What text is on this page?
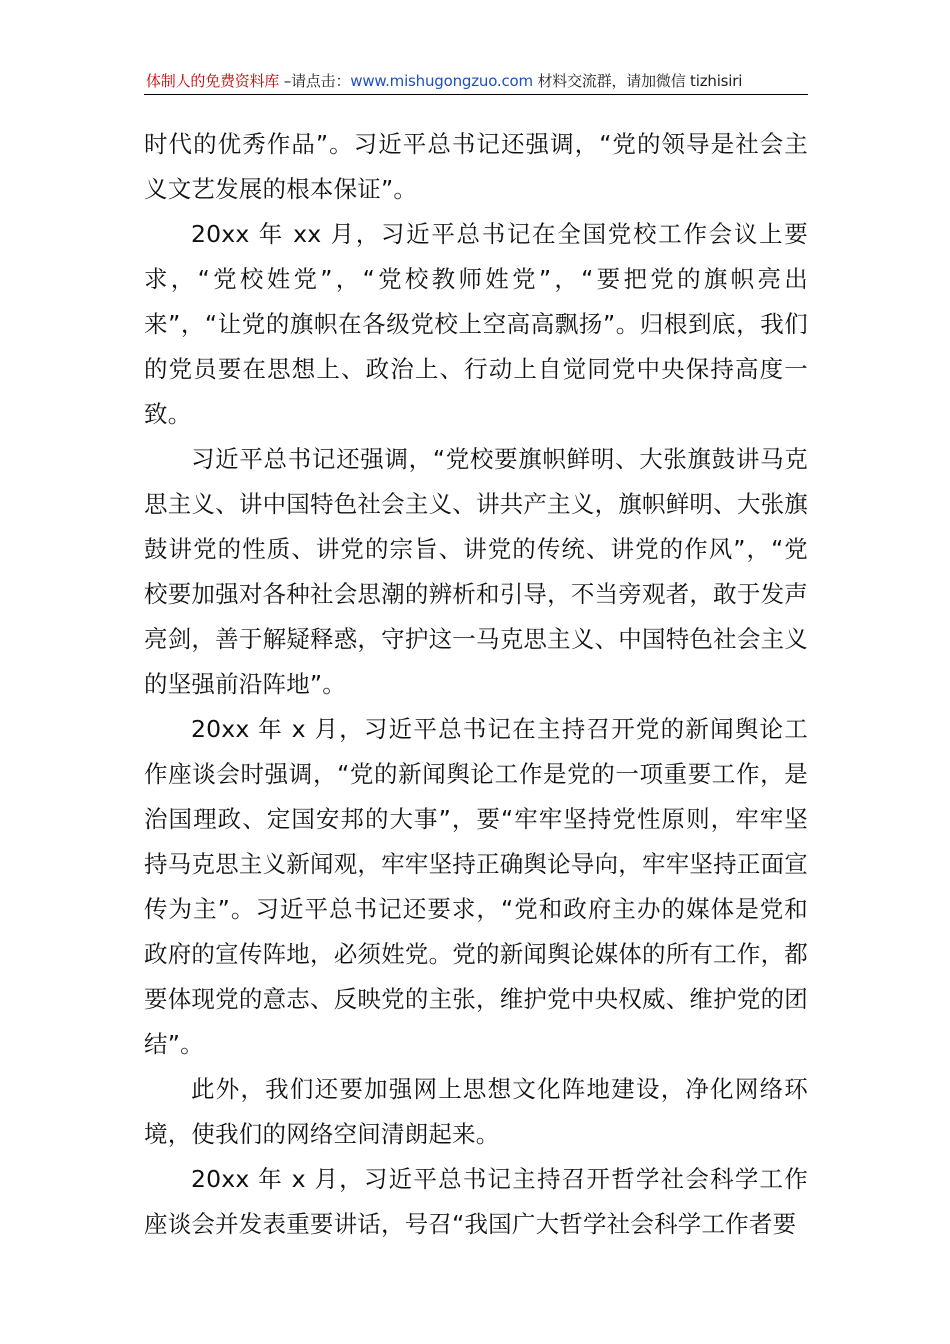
体制人的免费资料库 –请点击：www.mishugongzuo.com 材料交流群，请加微信 tizhisiri

时代的优秀作品”。习近平总书记还强调，“党的领导是社会主义文艺发展的根本保证”。

20xx 年 xx 月，习近平总书记在全国党校工作会议上要求，“党校姓党”，“党校教师姓党”，“要把党的旗帜亮出来”，“让党的旗帜在各级党校上空高高飘扬”。归根到底，我们的党员要在思想上、政治上、行动上自觉同党中央保持高度一致。

习近平总书记还强调，“党校要旗帜鲜明、大张旗鼓讲马克思主义、讲中国特色社会主义、讲共产主义，旗帜鲜明、大张旗鼓讲党的性质、讲党的宗旨、讲党的传统、讲党的作风”，“党校要加强对各种社会思潮的辨析和引导，不当旁观者，敢于发声亮剑，善于解疑释惑，守护这一马克思主义、中国特色社会主义的坚强前沿阵地”。

20xx 年 x 月，习近平总书记在主持召开党的新闻舆论工作座谈会时强调，“党的新闻舆论工作是党的一项重要工作，是治国理政、定国安邦的大事”，要“牢牢坚持党性原则，牢牢坚持马克思主义新闻观，牢牢坚持正确舆论导向，牢牢坚持正面宣传为主”。习近平总书记还要求，“党和政府主办的媒体是党和政府的宣传阵地，必须姓党。党的新闻舆论媒体的所有工作，都要体现党的意志、反映党的主张，维护党中央权威、维护党的团结”。

此外，我们还要加强网上思想文化阵地建设，净化网络环境，使我们的网络空间清朗起来。

20xx 年 x 月，习近平总书记主持召开哲学社会科学工作座谈会并发表重要讲话，号召“我国广大哲学社会科学工作者要
